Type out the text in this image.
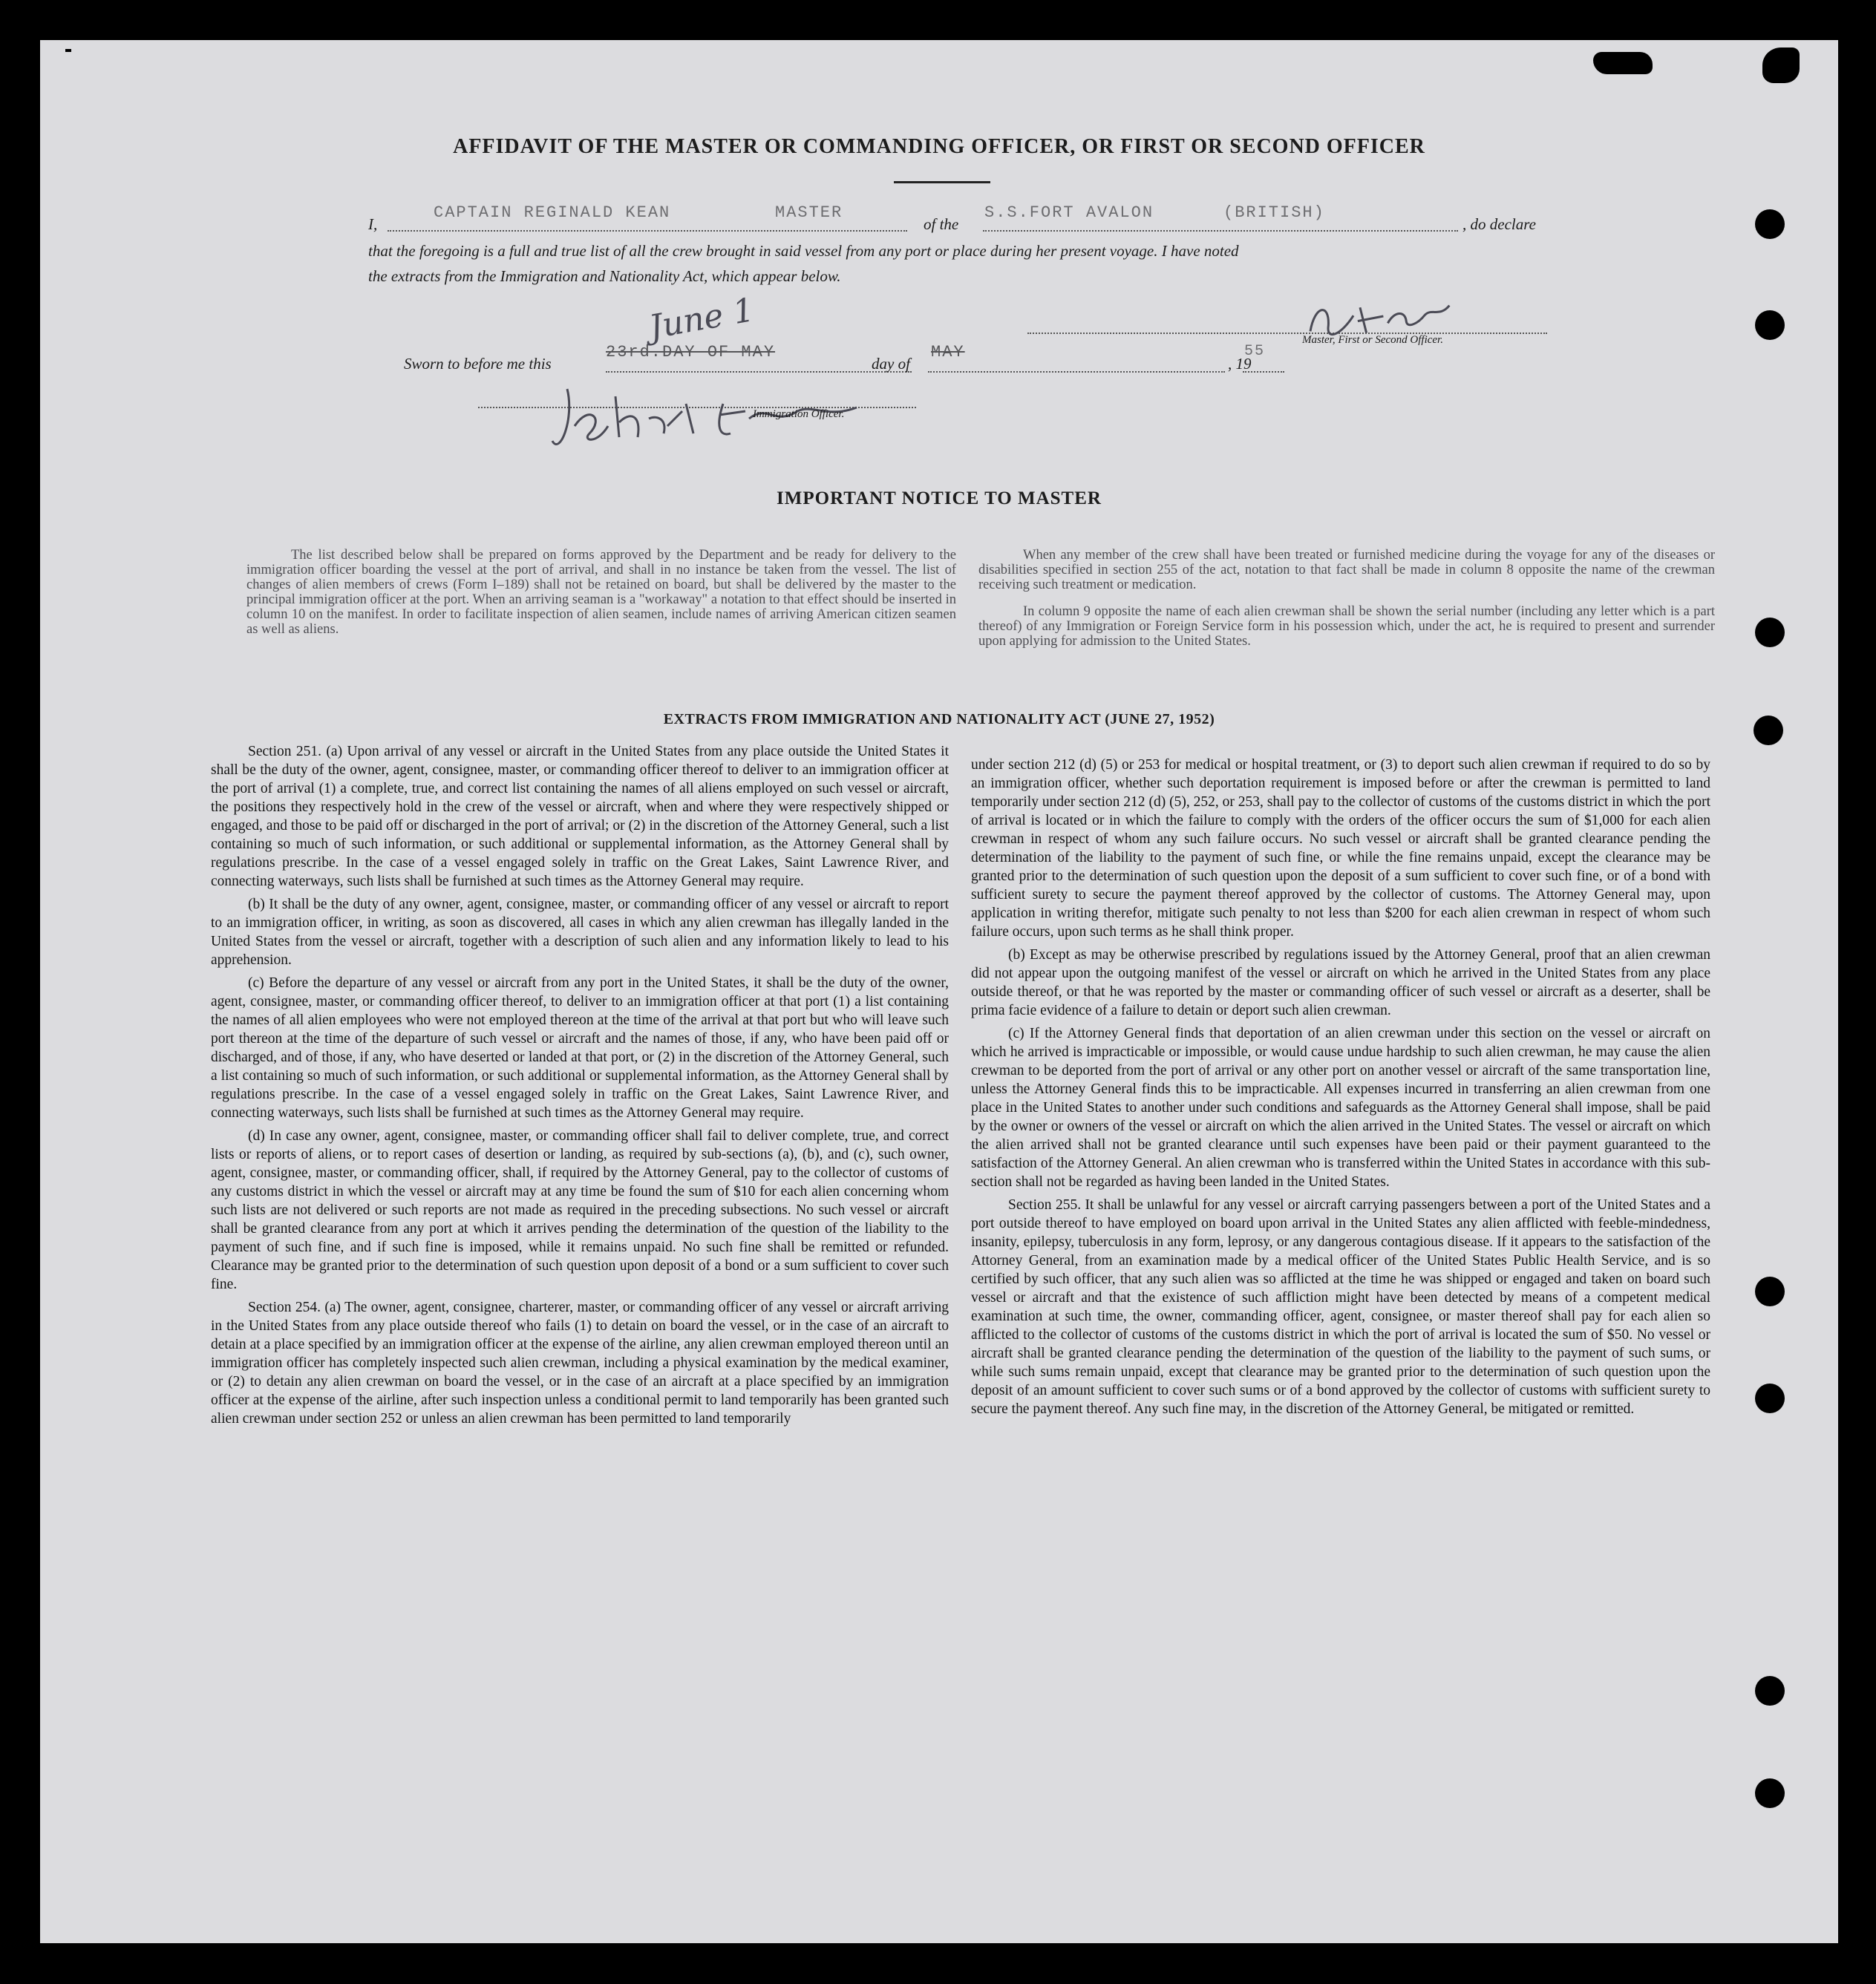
AFFIDAVIT OF THE MASTER OR COMMANDING OFFICER, OR FIRST OR SECOND OFFICER
I,
CAPTAIN REGINALD KEAN	MASTER
of the
S.S.FORT AVALON	(BRITISH)
, do declare
that the foregoing is a full and true list of all the crew brought in said vessel from any port or place during her present voyage. I have noted
the extracts from the Immigration and Nationality Act, which appear below.
Master, First or Second Officer.
Sworn to before me this
23rd.DAY OF MAY
June 1
day of
MAY
, 19
55
Immigration Officer.
IMPORTANT NOTICE TO MASTER

The list described below shall be prepared on forms approved by the Department and be ready for delivery to the immigration officer boarding the vessel at the port of arrival, and shall in no instance be taken from the vessel. The list of changes of alien members of crews (Form I–189) shall not be retained on board, but shall be delivered by the master to the principal immigration officer at the port. When an arriving seaman is a "workaway" a notation to that effect should be inserted in column 10 on the manifest. In order to facilitate inspection of alien seamen, include names of arriving American citizen seamen as well as aliens.

When any member of the crew shall have been treated or furnished medicine during the voyage for any of the diseases or disabilities specified in section 255 of the act, notation to that fact shall be made in column 8 opposite the name of the crewman receiving such treatment or medication.

In column 9 opposite the name of each alien crewman shall be shown the serial number (including any letter which is a part thereof) of any Immigration or Foreign Service form in his possession which, under the act, he is required to present and surrender upon applying for admission to the United States.

EXTRACTS FROM IMMIGRATION AND NATIONALITY ACT (JUNE 27, 1952)

Section 251. (a) Upon arrival of any vessel or aircraft in the United States from any place outside the United States it shall be the duty of the owner, agent, consignee, master, or commanding officer thereof to deliver to an immigration officer at the port of arrival (1) a complete, true, and correct list containing the names of all aliens employed on such vessel or aircraft, the positions they respectively hold in the crew of the vessel or aircraft, when and where they were respectively shipped or engaged, and those to be paid off or discharged in the port of arrival; or (2) in the discretion of the Attorney General, such a list containing so much of such information, or such additional or supplemental information, as the Attorney General shall by regulations prescribe. In the case of a vessel engaged solely in traffic on the Great Lakes, Saint Lawrence River, and connecting waterways, such lists shall be furnished at such times as the Attorney General may require.

(b) It shall be the duty of any owner, agent, consignee, master, or commanding officer of any vessel or aircraft to report to an immigration officer, in writing, as soon as discovered, all cases in which any alien crewman has illegally landed in the United States from the vessel or aircraft, together with a description of such alien and any information likely to lead to his apprehension.

(c) Before the departure of any vessel or aircraft from any port in the United States, it shall be the duty of the owner, agent, consignee, master, or commanding officer thereof, to deliver to an immigration officer at that port (1) a list containing the names of all alien employees who were not employed thereon at the time of the arrival at that port but who will leave such port thereon at the time of the departure of such vessel or aircraft and the names of those, if any, who have been paid off or discharged, and of those, if any, who have deserted or landed at that port, or (2) in the discretion of the Attorney General, such a list containing so much of such information, or such additional or supplemental information, as the Attorney General shall by regulations prescribe. In the case of a vessel engaged solely in traffic on the Great Lakes, Saint Lawrence River, and connecting waterways, such lists shall be furnished at such times as the Attorney General may require.

(d) In case any owner, agent, consignee, master, or commanding officer shall fail to deliver complete, true, and correct lists or reports of aliens, or to report cases of desertion or landing, as required by sub-sections (a), (b), and (c), such owner, agent, consignee, master, or commanding officer, shall, if required by the Attorney General, pay to the collector of customs of any customs district in which the vessel or aircraft may at any time be found the sum of $10 for each alien concerning whom such lists are not delivered or such reports are not made as required in the preceding subsections. No such vessel or aircraft shall be granted clearance from any port at which it arrives pending the determination of the question of the liability to the payment of such fine, and if such fine is imposed, while it remains unpaid. No such fine shall be remitted or refunded. Clearance may be granted prior to the determination of such question upon deposit of a bond or a sum sufficient to cover such fine.

Section 254. (a) The owner, agent, consignee, charterer, master, or commanding officer of any vessel or aircraft arriving in the United States from any place outside thereof who fails (1) to detain on board the vessel, or in the case of an aircraft to detain at a place specified by an immigration officer at the expense of the airline, any alien crewman employed thereon until an immigration officer has completely inspected such alien crewman, including a physical examination by the medical examiner, or (2) to detain any alien crewman on board the vessel, or in the case of an aircraft at a place specified by an immigration officer at the expense of the airline, after such inspection unless a conditional permit to land temporarily has been granted such alien crewman under section 252 or unless an alien crewman has been permitted to land temporarily

under section 212 (d) (5) or 253 for medical or hospital treatment, or (3) to deport such alien crewman if required to do so by an immigration officer, whether such deportation requirement is imposed before or after the crewman is permitted to land temporarily under section 212 (d) (5), 252, or 253, shall pay to the collector of customs of the customs district in which the port of arrival is located or in which the failure to comply with the orders of the officer occurs the sum of $1,000 for each alien crewman in respect of whom any such failure occurs. No such vessel or aircraft shall be granted clearance pending the determination of the liability to the payment of such fine, or while the fine remains unpaid, except the clearance may be granted prior to the determination of such question upon the deposit of a sum sufficient to cover such fine, or of a bond with sufficient surety to secure the payment thereof approved by the collector of customs. The Attorney General may, upon application in writing therefor, mitigate such penalty to not less than $200 for each alien crewman in respect of whom such failure occurs, upon such terms as he shall think proper.

(b) Except as may be otherwise prescribed by regulations issued by the Attorney General, proof that an alien crewman did not appear upon the outgoing manifest of the vessel or aircraft on which he arrived in the United States from any place outside thereof, or that he was reported by the master or commanding officer of such vessel or aircraft as a deserter, shall be prima facie evidence of a failure to detain or deport such alien crewman.

(c) If the Attorney General finds that deportation of an alien crewman under this section on the vessel or aircraft on which he arrived is impracticable or impossible, or would cause undue hardship to such alien crewman, he may cause the alien crewman to be deported from the port of arrival or any other port on another vessel or aircraft of the same transportation line, unless the Attorney General finds this to be impracticable. All expenses incurred in transferring an alien crewman from one place in the United States to another under such conditions and safeguards as the Attorney General shall impose, shall be paid by the owner or owners of the vessel or aircraft on which the alien arrived in the United States. The vessel or aircraft on which the alien arrived shall not be granted clearance until such expenses have been paid or their payment guaranteed to the satisfaction of the Attorney General. An alien crewman who is transferred within the United States in accordance with this sub-section shall not be regarded as having been landed in the United States.

Section 255. It shall be unlawful for any vessel or aircraft carrying passengers between a port of the United States and a port outside thereof to have employed on board upon arrival in the United States any alien afflicted with feeble-mindedness, insanity, epilepsy, tuberculosis in any form, leprosy, or any dangerous contagious disease. If it appears to the satisfaction of the Attorney General, from an examination made by a medical officer of the United States Public Health Service, and is so certified by such officer, that any such alien was so afflicted at the time he was shipped or engaged and taken on board such vessel or aircraft and that the existence of such affliction might have been detected by means of a competent medical examination at such time, the owner, commanding officer, agent, consignee, or master thereof shall pay for each alien so afflicted to the collector of customs of the customs district in which the port of arrival is located the sum of $50. No vessel or aircraft shall be granted clearance pending the determination of the question of the liability to the payment of such sums, or while such sums remain unpaid, except that clearance may be granted prior to the determination of such question upon the deposit of an amount sufficient to cover such sums or of a bond approved by the collector of customs with sufficient surety to secure the payment thereof. Any such fine may, in the discretion of the Attorney General, be mitigated or remitted.
